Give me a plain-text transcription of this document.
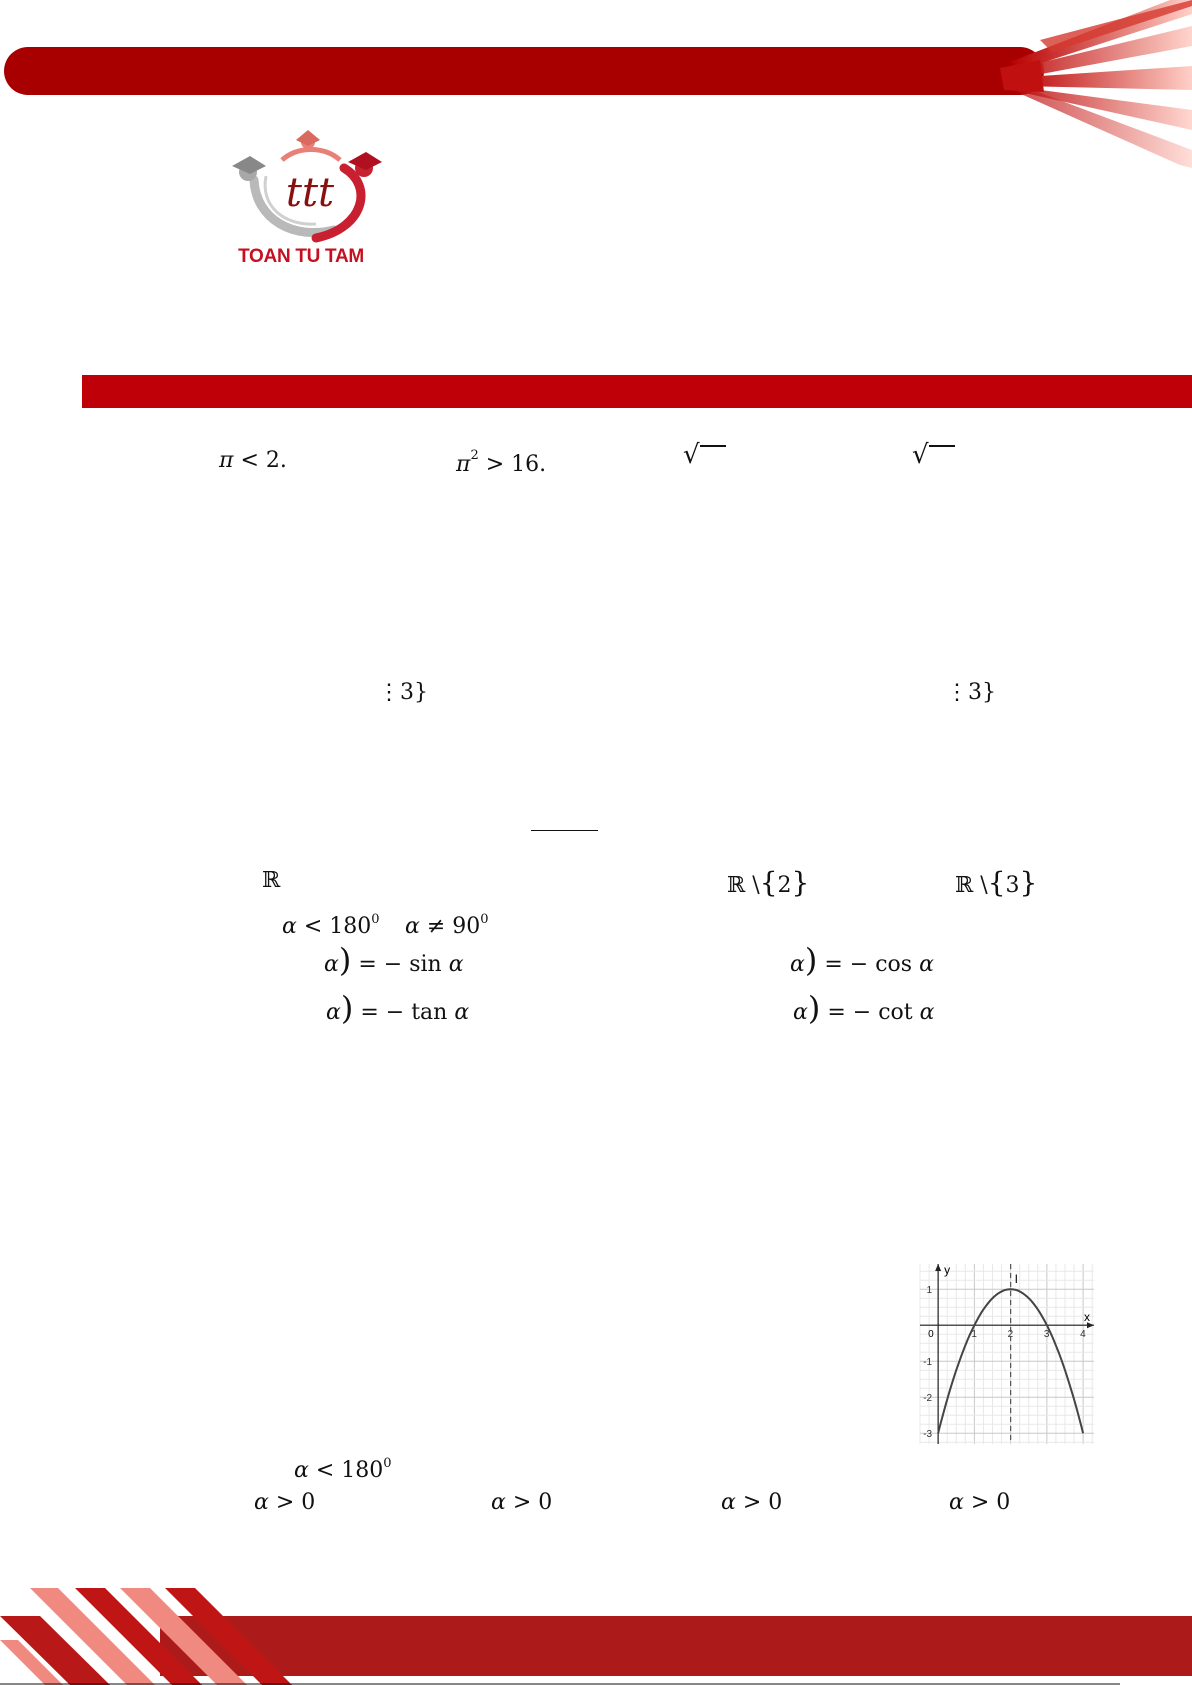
ttt
TOAN TU TAM
π < 2.	$\pi^2 > 16$.	√	√
⋮3}	⋮3}
ℝ	ℝ \{2}	ℝ \{3}
$\alpha < 180^0$ $\alpha \ne 90^0$
α) = − sin α	α) = − cos α
α) = − tan α	α) = − cot α
1	2	3	4
1
-1
-2
-3
x
y
0
I
$\alpha < 180^0$
α > 0	α > 0	α > 0	α > 0
